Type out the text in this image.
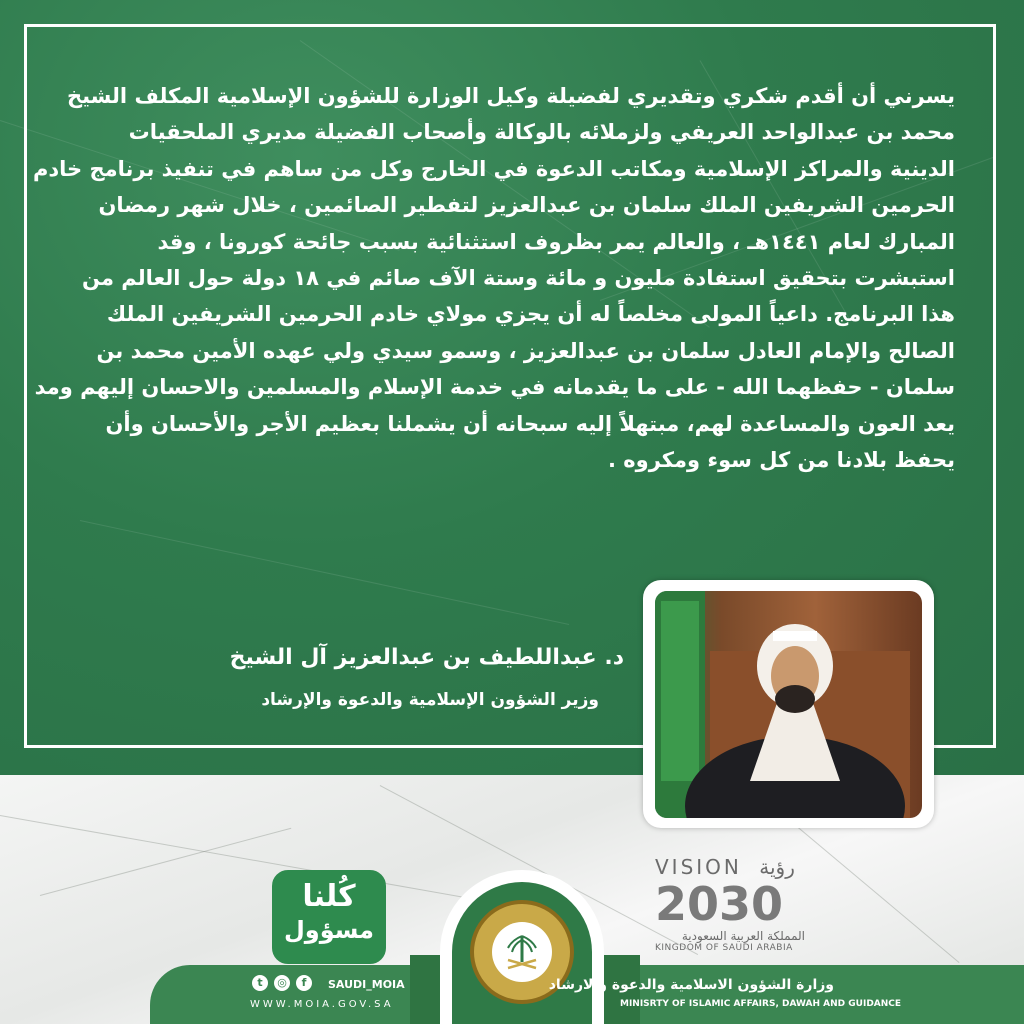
يسرني أن أقدم شكري وتقديري لفضيلة وكيل الوزارة للشؤون الإسلامية المكلف الشيخ
محمد بن عبدالواحد العريفي ولزملائه بالوكالة وأصحاب الفضيلة مديري الملحقيات
الدينية والمراكز الإسلامية ومكاتب الدعوة في الخارج وكل من ساهم في تنفيذ برنامج خادم
الحرمين الشريفين الملك سلمان بن عبدالعزيز لتفطير الصائمين ، خلال شهر رمضان
المبارك لعام ١٤٤١هـ ، والعالم يمر بظروف استثنائية بسبب جائحة كورونا ، وقد
استبشرت بتحقيق استفادة مليون و مائة وستة الآف صائم في ١٨ دولة حول العالم من
هذا البرنامج. داعياً المولى مخلصاً له أن يجزي مولاي خادم الحرمين الشريفين الملك
الصالح والإمام العادل سلمان بن عبدالعزيز ، وسمو سيدي ولي عهده الأمين محمد بن
سلمان - حفظهما الله - على ما يقدمانه في خدمة الإسلام والمسلمين والاحسان إليهم ومد
يعد العون والمساعدة لهم، مبتهلاً إليه سبحانه أن يشملنا بعظيم الأجر والأحسان وأن
يحفظ بلادنا من كل سوء ومكروه .
د. عبداللطيف بن عبدالعزيز آل الشيخ
وزير الشؤون الإسلامية والدعوة والإرشاد
كُلنا
مسؤول
VISION رؤية
2030
المملكة العربية السعودية
KINGDOM OF SAUDI ARABIA
وزارة الشؤون الاسلامية والدعوة والارشاد
MINISRTY OF ISLAMIC AFFAIRS, DAWAH AND GUIDANCE
t	◎	f	SAUDI_MOIA
WWW.MOIA.GOV.SA
